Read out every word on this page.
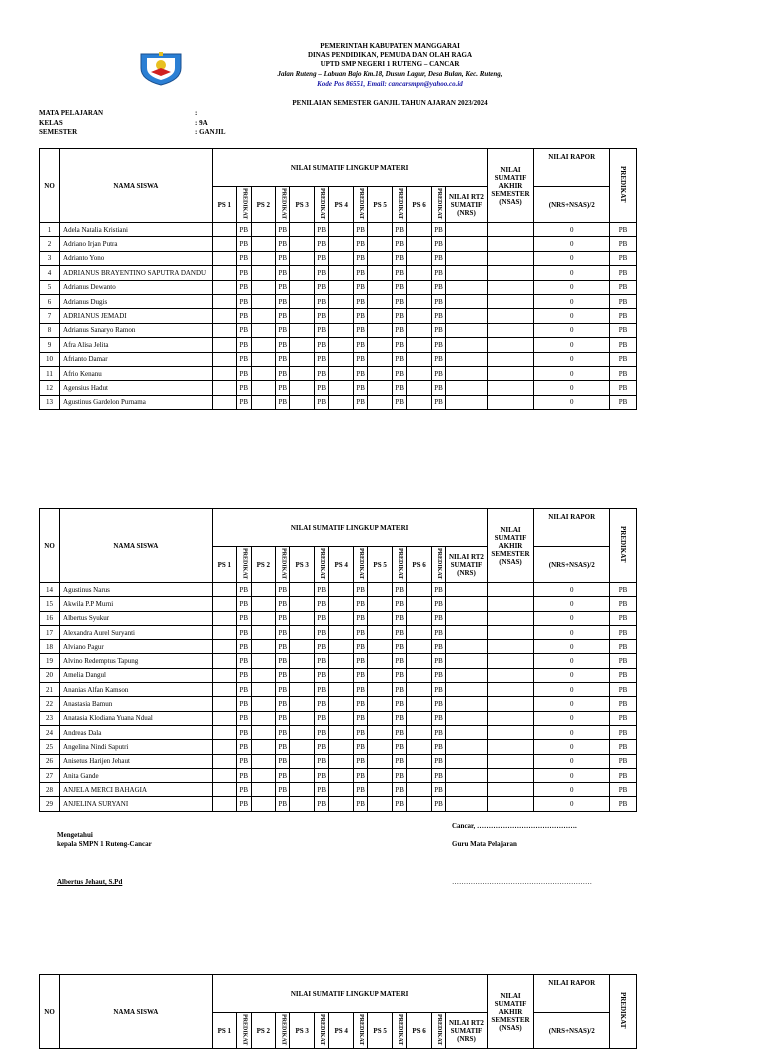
PEMERINTAH KABUPATEN MANGGARAI
DINAS PENDIDIKAN, PEMUDA DAN OLAH RAGA
UPTD SMP NEGERI 1 RUTENG – CANCAR
Jalan Ruteng – Labuan Bajo Km.18, Dusun Lagur, Desa Bulan, Kec. Ruteng,
Kode Pos 86551, Email: cancarsmpn@yahoo.co.id
PENILAIAN SEMESTER GANJIL TAHUN AJARAN 2023/2024
MATA PELAJARAN	:
KELAS	: 9A
SEMESTER	: GANJIL
NO	NAMA SISWA	NILAI SUMATIF LINGKUP MATERI													NILAI SUMATIF AKHIR SEMESTER (NSAS)	NILAI RAPOR	PREDIKAT
		PS 1	PREDIKAT	PS 2	PREDIKAT	PS 3	PREDIKAT	PS 4	PREDIKAT	PS 5	PREDIKAT	PS 6	PREDIKAT	NILAI RT2 SUMATIF (NRS)		(NRS+NSAS)/2	
1	Adela Natalia Kristiani		PB		PB		PB		PB		PB		PB			0	PB
2	Adriano Irjan Putra		PB		PB		PB		PB		PB		PB			0	PB
3	Adrianto Yono		PB		PB		PB		PB		PB		PB			0	PB
4	ADRIANUS BRAYENTINO SAPUTRA DANDU		PB		PB		PB		PB		PB		PB			0	PB
5	Adrianus Dewanto		PB		PB		PB		PB		PB		PB			0	PB
6	Adrianus Dugis		PB		PB		PB		PB		PB		PB			0	PB
7	ADRIANUS JEMADI		PB		PB		PB		PB		PB		PB			0	PB
8	Adrianus Sanaryo Ramon		PB		PB		PB		PB		PB		PB			0	PB
9	Afra Alisa Jelita		PB		PB		PB		PB		PB		PB			0	PB
10	Afrianto Damar		PB		PB		PB		PB		PB		PB			0	PB
11	Afrio Kenanu		PB		PB		PB		PB		PB		PB			0	PB
12	Agensius Hadut		PB		PB		PB		PB		PB		PB			0	PB
13	Agustinus Gardelon Purnama		PB		PB		PB		PB		PB		PB			0	PB
NO	NAMA SISWA	NILAI SUMATIF LINGKUP MATERI													NILAI SUMATIF AKHIR SEMESTER (NSAS)	NILAI RAPOR	PREDIKAT
		PS 1	PREDIKAT	PS 2	PREDIKAT	PS 3	PREDIKAT	PS 4	PREDIKAT	PS 5	PREDIKAT	PS 6	PREDIKAT	NILAI RT2 SUMATIF (NRS)		(NRS+NSAS)/2	
14	Agustinus Narus		PB		PB		PB		PB		PB		PB			0	PB
15	Akwila P.P Murni		PB		PB		PB		PB		PB		PB			0	PB
16	Albertus Syukur		PB		PB		PB		PB		PB		PB			0	PB
17	Alexandra Aurel Suryanti		PB		PB		PB		PB		PB		PB			0	PB
18	Alviano Pagur		PB		PB		PB		PB		PB		PB			0	PB
19	Alvino Redemptus Tapung		PB		PB		PB		PB		PB		PB			0	PB
20	Amelia Dangul		PB		PB		PB		PB		PB		PB			0	PB
21	Ananias Alfan Kamson		PB		PB		PB		PB		PB		PB			0	PB
22	Anastasia Bamun		PB		PB		PB		PB		PB		PB			0	PB
23	Anatasia Klodiana Yuana Ndual		PB		PB		PB		PB		PB		PB			0	PB
24	Andreas Dala		PB		PB		PB		PB		PB		PB			0	PB
25	Angelina Nindi Saputri		PB		PB		PB		PB		PB		PB			0	PB
26	Anisetus Harijen Jehaut		PB		PB		PB		PB		PB		PB			0	PB
27	Anita Gande		PB		PB		PB		PB		PB		PB			0	PB
28	ANJELA MERCI BAHAGIA		PB		PB		PB		PB		PB		PB			0	PB
29	ANJELINA SURYANI		PB		PB		PB		PB		PB		PB			0	PB
NO	NAMA SISWA	NILAI SUMATIF LINGKUP MATERI													NILAI SUMATIF AKHIR SEMESTER (NSAS)	NILAI RAPOR	PREDIKAT
		PS 1	PREDIKAT	PS 2	PREDIKAT	PS 3	PREDIKAT	PS 4	PREDIKAT	PS 5	PREDIKAT	PS 6	PREDIKAT	NILAI RT2 SUMATIF (NRS)		(NRS+NSAS)/2	
Mengetahui
kepala SMPN 1 Ruteng-Cancar
Albertus Jehaut, S.Pd
Cancar, …………………………………….
Guru Mata Pelajaran
……………………………………………………
